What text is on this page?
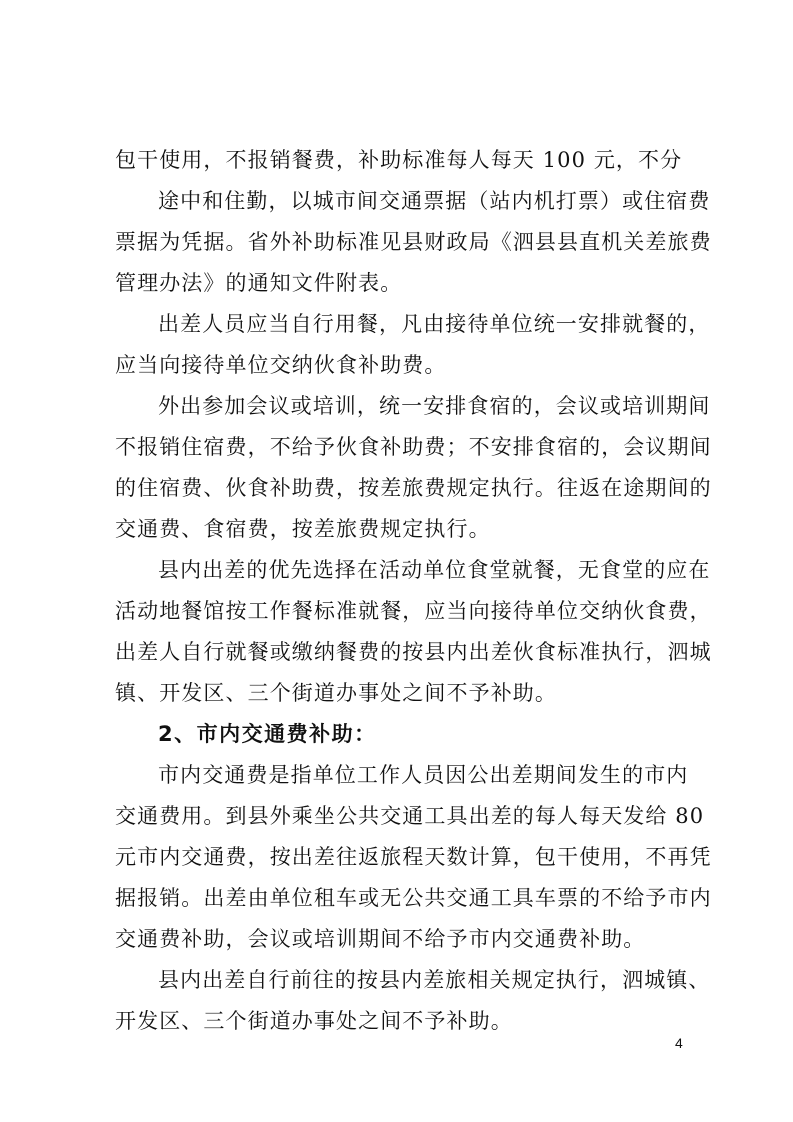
包干使用，不报销餐费，补助标准每人每天 100 元，不分
途中和住勤，以城市间交通票据（站内机打票）或住宿费
票据为凭据。省外补助标准见县财政局《泗县县直机关差旅费
管理办法》的通知文件附表。
出差人员应当自行用餐，凡由接待单位统一安排就餐的，
应当向接待单位交纳伙食补助费。
外出参加会议或培训，统一安排食宿的，会议或培训期间
不报销住宿费，不给予伙食补助费；不安排食宿的，会议期间
的住宿费、伙食补助费，按差旅费规定执行。往返在途期间的
交通费、食宿费，按差旅费规定执行。
县内出差的优先选择在活动单位食堂就餐，无食堂的应在
活动地餐馆按工作餐标准就餐，应当向接待单位交纳伙食费，
出差人自行就餐或缴纳餐费的按县内出差伙食标准执行，泗城
镇、开发区、三个街道办事处之间不予补助。
2、市内交通费补助：
市内交通费是指单位工作人员因公出差期间发生的市内
交通费用。到县外乘坐公共交通工具出差的每人每天发给 80
元市内交通费，按出差往返旅程天数计算，包干使用，不再凭
据报销。出差由单位租车或无公共交通工具车票的不给予市内
交通费补助，会议或培训期间不给予市内交通费补助。
县内出差自行前往的按县内差旅相关规定执行，泗城镇、
开发区、三个街道办事处之间不予补助。
4
